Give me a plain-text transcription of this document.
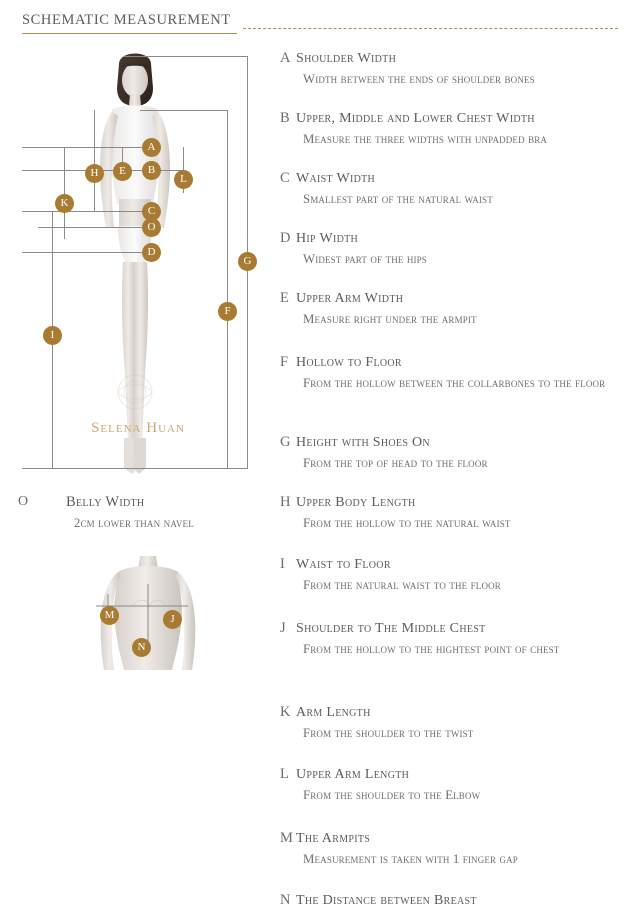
SCHEMATIC MEASUREMENT
A
H	E	B
L
K
C
O
D
G
F
I
Selena Huan
O	Belly Width
2cm lower than navel
M	J
N
A Shoulder Width
Width between the ends of shoulder bones
B Upper, Middle and Lower Chest Width
Measure the three widths with unpadded bra
C Waist Width
Smallest part of the natural waist
D Hip Width
Widest part of the hips
E Upper Arm Width
Measure right under the armpit
F Hollow to Floor
From the hollow between the collarbones to the floor
G Height with Shoes On
From the top of head to the floor
H Upper Body Length
From the hollow to the natural waist
I Waist to Floor
From the natural waist to the floor
J Shoulder to The Middle Chest
From the hollow to the hightest point of chest
K Arm Length
From the shoulder to the twist
L Upper Arm Length
From the shoulder to the Elbow
M The Armpits
Measurement is taken with 1 finger gap
N The Distance between Breast
